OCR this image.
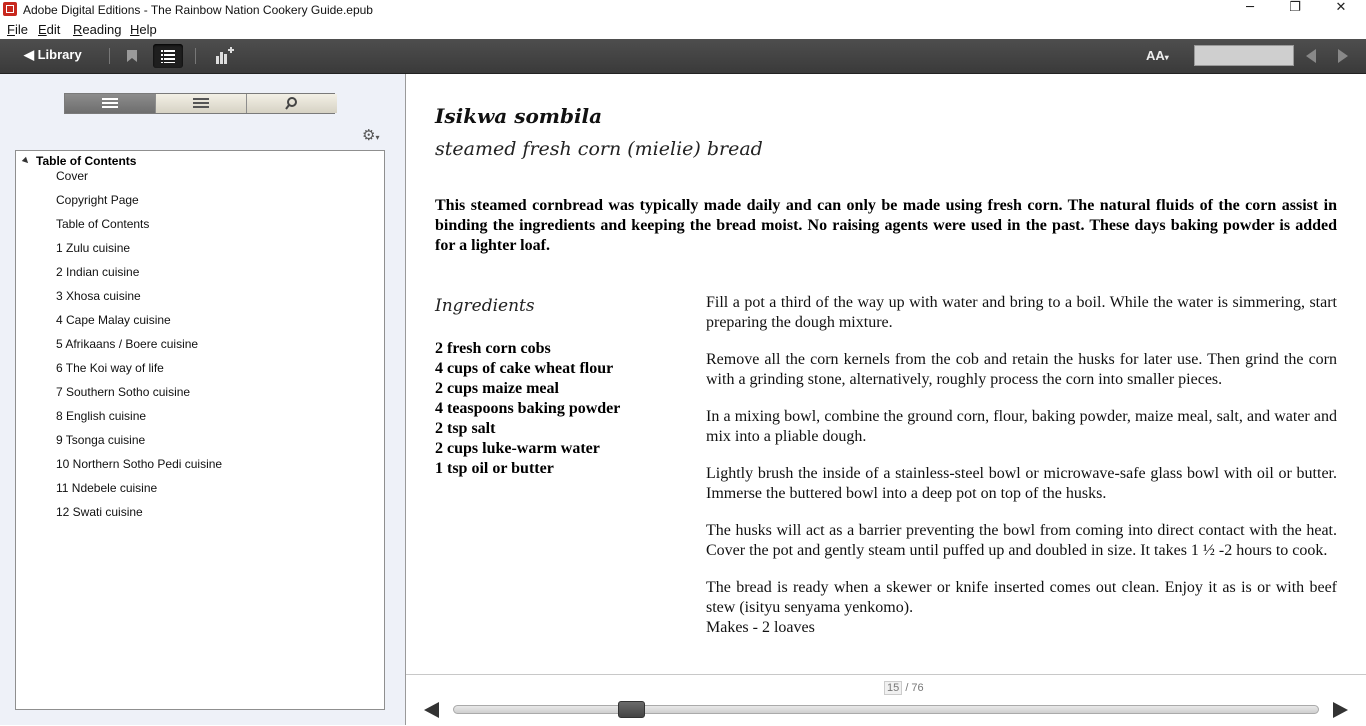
Adobe Digital Editions - The Rainbow Nation Cookery Guide.epub	─	❐	✕
File Edit Reading Help
◀ Library	AA▾
⚙▾
Table of Contents
Cover
Copyright Page
Table of Contents
1 Zulu cuisine
2 Indian cuisine
3 Xhosa cuisine
4 Cape Malay cuisine
5 Afrikaans / Boere cuisine
6 The Koi way of life
7 Southern Sotho cuisine
8 English cuisine
9 Tsonga cuisine
10 Northern Sotho Pedi cuisine
11 Ndebele cuisine
12 Swati cuisine
Isikwa sombila
steamed fresh corn (mielie) bread
This steamed cornbread was typically made daily and can only be made using fresh corn. The natural fluids of the corn assist in binding the ingredients and keeping the bread moist. No raising agents were used in the past. These days baking powder is added for a lighter loaf.
Ingredients
2 fresh corn cobs
4 cups of cake wheat flour
2 cups maize meal
4 teaspoons baking powder
2 tsp salt
2 cups luke-warm water
1 tsp oil or butter

Fill a pot a third of the way up with water and bring to a boil. While the water is simmering, start preparing the dough mixture.

Remove all the corn kernels from the cob and retain the husks for later use. Then grind the corn with a grinding stone, alternatively, roughly process the corn into smaller pieces.

In a mixing bowl, combine the ground corn, flour, baking powder, maize meal, salt, and water and mix into a pliable dough.

Lightly brush the inside of a stainless-steel bowl or microwave-safe glass bowl with oil or butter. Immerse the buttered bowl into a deep pot on top of the husks.

The husks will act as a barrier preventing the bowl from coming into direct contact with the heat. Cover the pot and gently steam until puffed up and doubled in size. It takes 1 ½ -2 hours to cook.

The bread is ready when a skewer or knife inserted comes out clean. Enjoy it as is or with beef stew (isityu senyama yenkomo).

Makes - 2 loaves

15 / 76
